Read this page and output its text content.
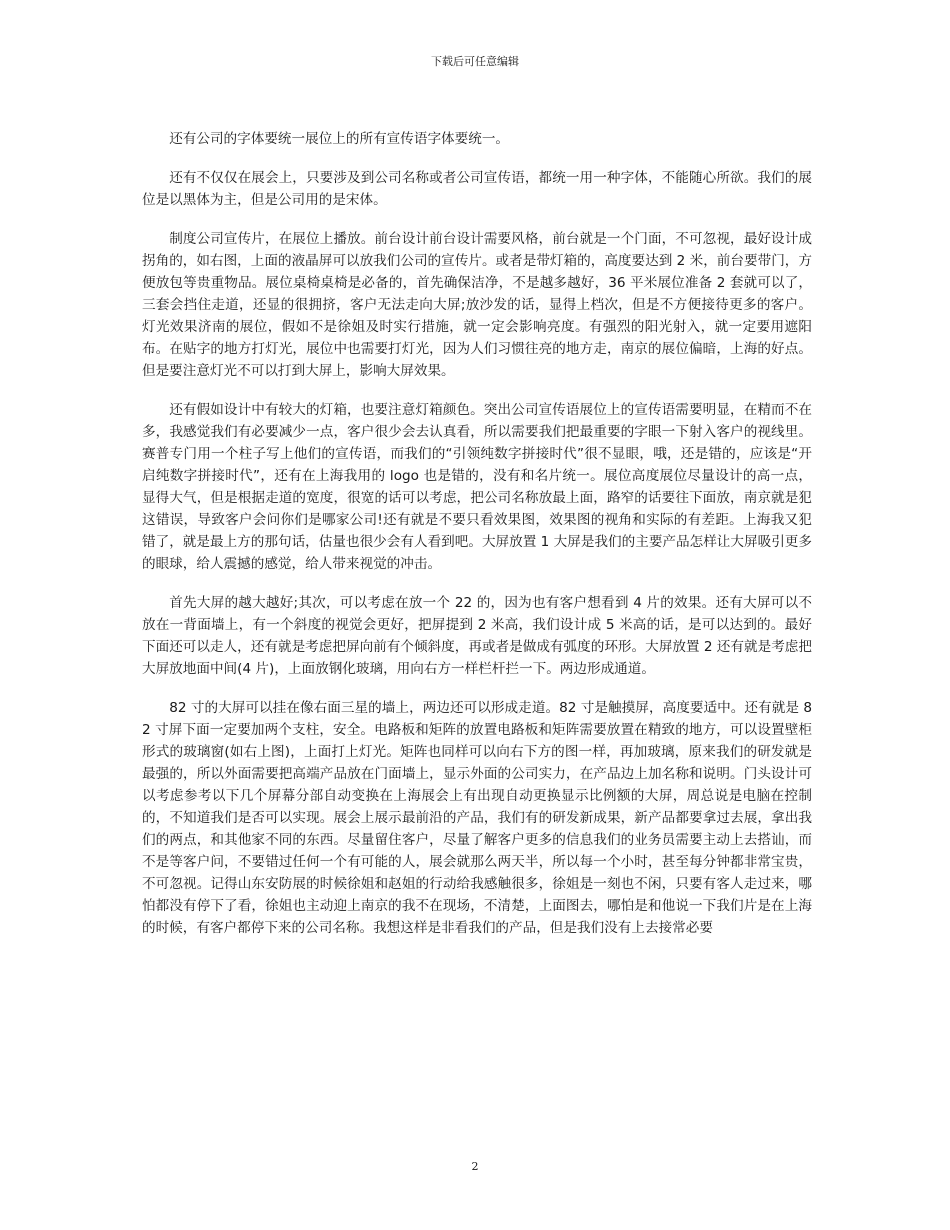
下载后可任意编辑

还有公司的字体要统一展位上的所有宣传语字体要统一。

还有不仅仅在展会上，只要涉及到公司名称或者公司宣传语，都统一用一种字体，不能随心所欲。我们的展位是以黑体为主，但是公司用的是宋体。

制度公司宣传片，在展位上播放。前台设计前台设计需要风格，前台就是一个门面，不可忽视，最好设计成拐角的，如右图，上面的液晶屏可以放我们公司的宣传片。或者是带灯箱的，高度要达到 2 米，前台要带门，方便放包等贵重物品。展位桌椅桌椅是必备的，首先确保洁净，不是越多越好，36 平米展位准备 2 套就可以了，三套会挡住走道，还显的很拥挤，客户无法走向大屏;放沙发的话，显得上档次，但是不方便接待更多的客户。灯光效果济南的展位，假如不是徐姐及时实行措施，就一定会影响亮度。有强烈的阳光射入，就一定要用遮阳布。在贴字的地方打灯光，展位中也需要打灯光，因为人们习惯往亮的地方走，南京的展位偏暗，上海的好点。但是要注意灯光不可以打到大屏上，影响大屏效果。

还有假如设计中有较大的灯箱，也要注意灯箱颜色。突出公司宣传语展位上的宣传语需要明显，在精而不在多，我感觉我们有必要减少一点，客户很少会去认真看，所以需要我们把最重要的字眼一下射入客户的视线里。赛普专门用一个柱子写上他们的宣传语，而我们的“引领纯数字拼接时代”很不显眼，哦，还是错的，应该是“开启纯数字拼接时代”，还有在上海我用的 logo 也是错的，没有和名片统一。展位高度展位尽量设计的高一点，显得大气，但是根据走道的宽度，很宽的话可以考虑，把公司名称放最上面，路窄的话要往下面放，南京就是犯这错误，导致客户会问你们是哪家公司!还有就是不要只看效果图，效果图的视角和实际的有差距。上海我又犯错了，就是最上方的那句话，估量也很少会有人看到吧。大屏放置 1 大屏是我们的主要产品怎样让大屏吸引更多的眼球，给人震撼的感觉，给人带来视觉的冲击。

首先大屏的越大越好;其次，可以考虑在放一个 22 的，因为也有客户想看到 4 片的效果。还有大屏可以不放在一背面墙上，有一个斜度的视觉会更好，把屏提到 2 米高，我们设计成 5 米高的话，是可以达到的。最好下面还可以走人，还有就是考虑把屏向前有个倾斜度，再或者是做成有弧度的环形。大屏放置 2 还有就是考虑把大屏放地面中间(4 片)，上面放钢化玻璃，用向右方一样栏杆拦一下。两边形成通道。

82 寸的大屏可以挂在像右面三星的墙上，两边还可以形成走道。82 寸是触摸屏，高度要适中。还有就是 82 寸屏下面一定要加两个支柱，安全。电路板和矩阵的放置电路板和矩阵需要放置在精致的地方，可以设置壁柜形式的玻璃窗(如右上图)，上面打上灯光。矩阵也同样可以向右下方的图一样，再加玻璃，原来我们的研发就是最强的，所以外面需要把高端产品放在门面墙上，显示外面的公司实力，在产品边上加名称和说明。门头设计可以考虑参考以下几个屏幕分部自动变换在上海展会上有出现自动更换显示比例额的大屏，周总说是电脑在控制的，不知道我们是否可以实现。展会上展示最前沿的产品，我们有的研发新成果，新产品都要拿过去展，拿出我们的两点，和其他家不同的东西。尽量留住客户，尽量了解客户更多的信息我们的业务员需要主动上去搭讪，而不是等客户问，不要错过任何一个有可能的人，展会就那么两天半，所以每一个小时，甚至每分钟都非常宝贵，不可忽视。记得山东安防展的时候徐姐和赵姐的行动给我感触很多，徐姐是一刻也不闲，只要有客人走过来，哪怕都没有停下了看，徐姐也主动迎上南京的我不在现场，不清楚，上面图去，哪怕是和他说一下我们片是在上海的时候，有客户都停下来的公司名称。我想这样是非看我们的产品，但是我们没有上去接常必要

2
